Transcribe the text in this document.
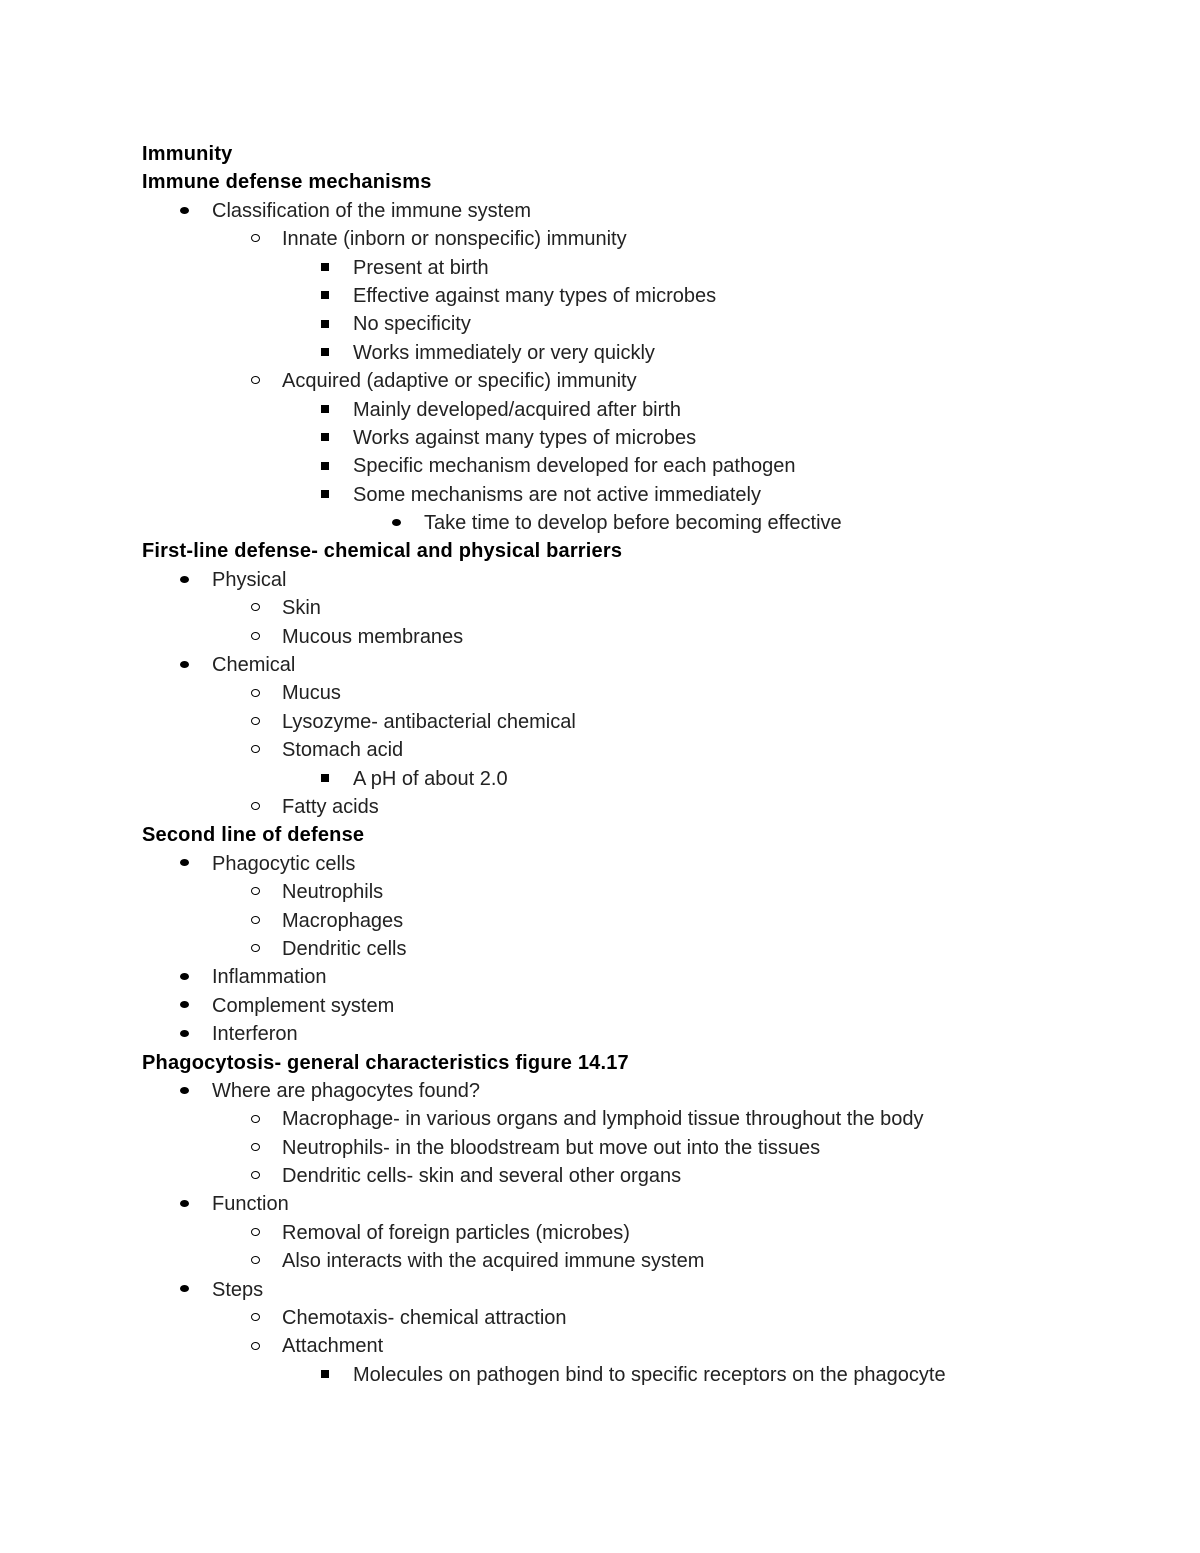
Immunity
Immune defense mechanisms
Classification of the immune system
Innate (inborn or nonspecific) immunity
Present at birth
Effective against many types of microbes
No specificity
Works immediately or very quickly
Acquired (adaptive or specific) immunity
Mainly developed/acquired after birth
Works against many types of microbes
Specific mechanism developed for each pathogen
Some mechanisms are not active immediately
Take time to develop before becoming effective
First-line defense- chemical and physical barriers
Physical
Skin
Mucous membranes
Chemical
Mucus
Lysozyme- antibacterial chemical
Stomach acid
A pH of about 2.0
Fatty acids
Second line of defense
Phagocytic cells
Neutrophils
Macrophages
Dendritic cells
Inflammation
Complement system
Interferon
Phagocytosis- general characteristics figure 14.17
Where are phagocytes found?
Macrophage- in various organs and lymphoid tissue throughout the body
Neutrophils- in the bloodstream but move out into the tissues
Dendritic cells- skin and several other organs
Function
Removal of foreign particles (microbes)
Also interacts with the acquired immune system
Steps
Chemotaxis- chemical attraction
Attachment
Molecules on pathogen bind to specific receptors on the phagocyte
